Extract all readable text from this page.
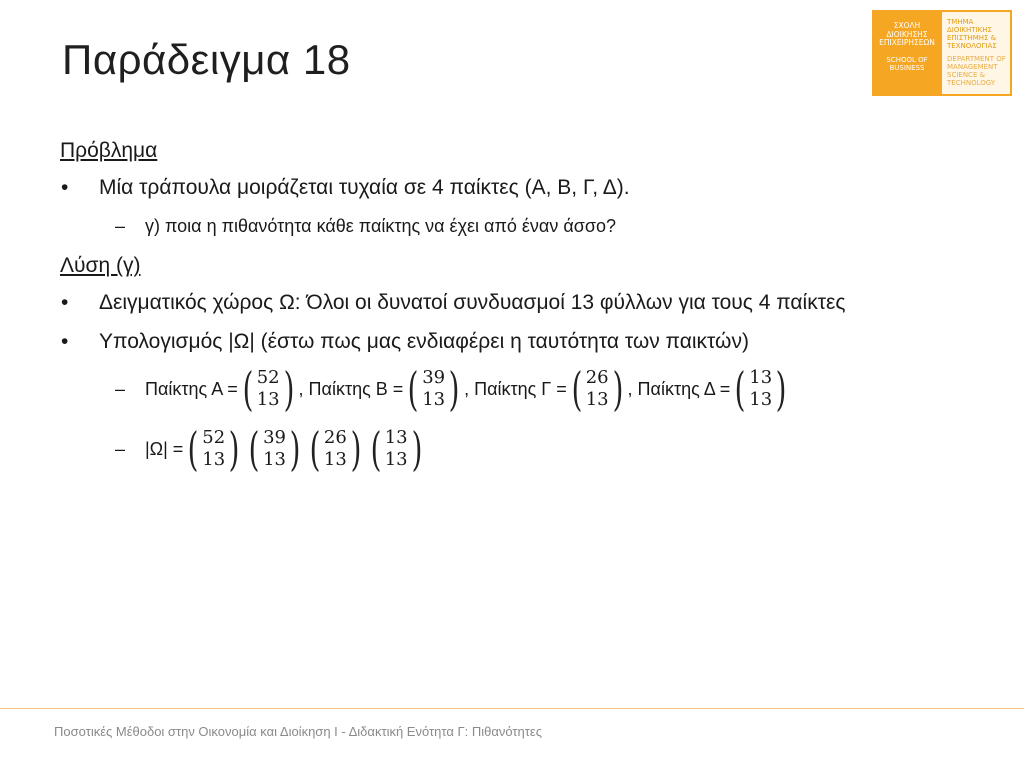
Παράδειγμα 18
ΣΧΟΛΗ ΔΙΟΙΚΗΣΗΣ ΕΠΙΧΕΙΡΗΣΕΩΝ
SCHOOL OF BUSINESS
ΤΜΗΜΑ ΔΙΟΙΚΗΤΙΚΗΣ ΕΠΙΣΤΗΜΗΣ & ΤΕΧΝΟΛΟΓΙΑΣ
DEPARTMENT OF MANAGEMENT SCIENCE & TECHNOLOGY
Πρόβλημα
•	Μία τράπουλα μοιράζεται τυχαία σε 4 παίκτες (Α, Β, Γ, Δ).
–	γ) ποια η πιθανότητα κάθε παίκτης να έχει από έναν άσσο?
Λύση (γ)
•	Δειγματικός χώρος Ω: Όλοι οι δυνατοί συνδυασμοί 13 φύλλων για τους 4 παίκτες
•	Υπολογισμός |Ω| (έστω πως μας ενδιαφέρει η ταυτότητα των παικτών)
–	Παίκτης Α = ( 52
13 ) , Παίκτης Β = ( 39
13 ) , Παίκτης Γ = ( 26
13 ) , Παίκτης Δ = ( 13
13 )
–	|Ω| = ( 52
13 ) ( 39
13 ) ( 26
13 ) ( 13
13 )
Ποσοτικές Μέθοδοι στην Οικονομία και Διοίκηση Ι - Διδακτική Ενότητα Γ: Πιθανότητες
